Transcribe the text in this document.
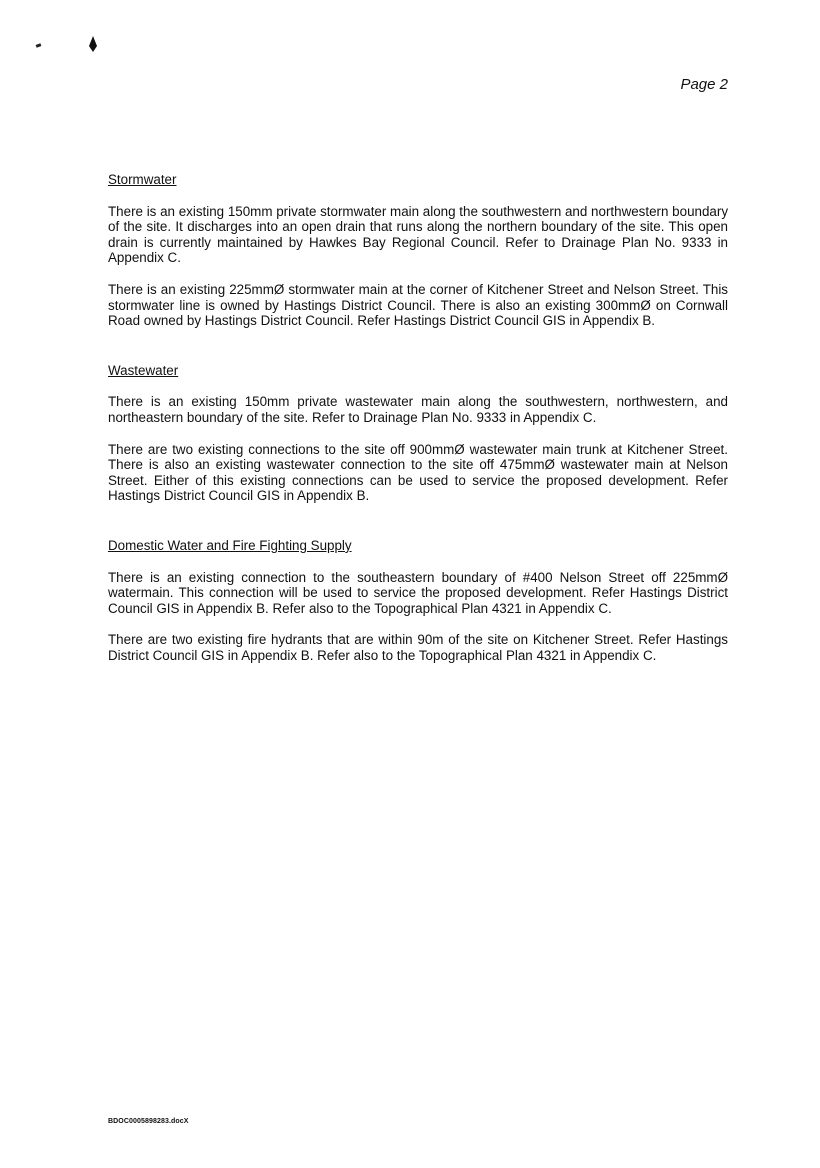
Page 2
Stormwater

There is an existing 150mm private stormwater main along the southwestern and northwestern boundary of the site. It discharges into an open drain that runs along the northern boundary of the site. This open drain is currently maintained by Hawkes Bay Regional Council. Refer to Drainage Plan No. 9333 in Appendix C.

There is an existing 225mmØ stormwater main at the corner of Kitchener Street and Nelson Street. This stormwater line is owned by Hastings District Council. There is also an existing 300mmØ on Cornwall Road owned by Hastings District Council. Refer Hastings District Council GIS in Appendix B.

Wastewater

There is an existing 150mm private wastewater main along the southwestern, northwestern, and northeastern boundary of the site. Refer to Drainage Plan No. 9333 in Appendix C.

There are two existing connections to the site off 900mmØ wastewater main trunk at Kitchener Street. There is also an existing wastewater connection to the site off 475mmØ wastewater main at Nelson Street. Either of this existing connections can be used to service the proposed development. Refer Hastings District Council GIS in Appendix B.

Domestic Water and Fire Fighting Supply

There is an existing connection to the southeastern boundary of #400 Nelson Street off 225mmØ watermain. This connection will be used to service the proposed development. Refer Hastings District Council GIS in Appendix B. Refer also to the Topographical Plan 4321 in Appendix C.

There are two existing fire hydrants that are within 90m of the site on Kitchener Street. Refer Hastings District Council GIS in Appendix B. Refer also to the Topographical Plan 4321 in Appendix C.

BDOC0005898283.docX
